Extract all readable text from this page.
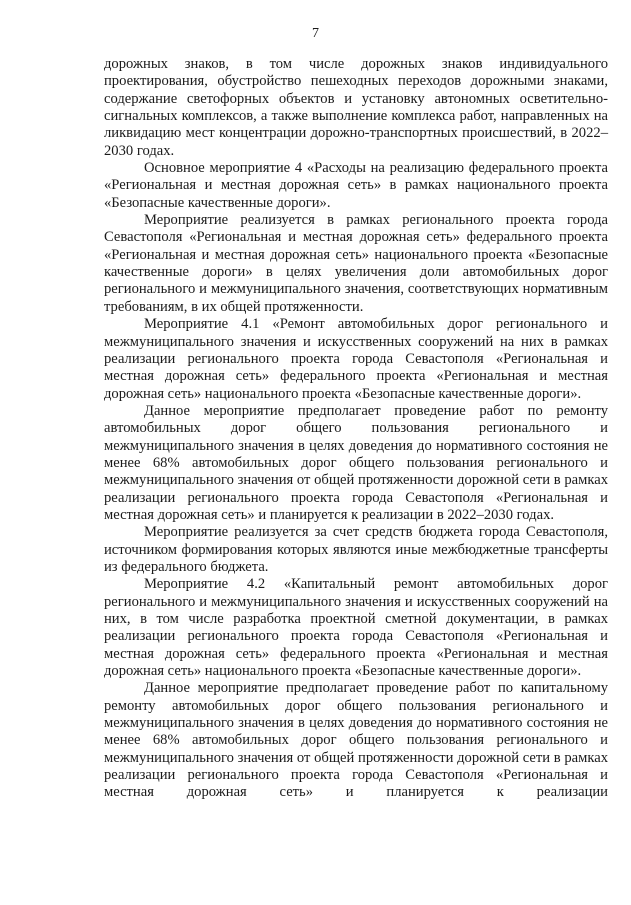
7

дорожных знаков, в том числе дорожных знаков индивидуального проектирования, обустройство пешеходных переходов дорожными знаками, содержание светофорных объектов и установку автономных осветительно-сигнальных комплексов, а также выполнение комплекса работ, направленных на ликвидацию мест концентрации дорожно-транспортных происшествий, в 2022–2030 годах.

Основное мероприятие 4 «Расходы на реализацию федерального проекта «Региональная и местная дорожная сеть» в рамках национального проекта «Безопасные качественные дороги».

Мероприятие реализуется в рамках регионального проекта города Севастополя «Региональная и местная дорожная сеть» федерального проекта «Региональная и местная дорожная сеть» национального проекта «Безопасные качественные дороги» в целях увеличения доли автомобильных дорог регионального и межмуниципального значения, соответствующих нормативным требованиям, в их общей протяженности.

Мероприятие 4.1 «Ремонт автомобильных дорог регионального и межмуниципального значения и искусственных сооружений на них в рамках реализации регионального проекта города Севастополя «Региональная и местная дорожная сеть» федерального проекта «Региональная и местная дорожная сеть» национального проекта «Безопасные качественные дороги».

Данное мероприятие предполагает проведение работ по ремонту автомобильных дорог общего пользования регионального и межмуниципального значения в целях доведения до нормативного состояния не менее 68% автомобильных дорог общего пользования регионального и межмуниципального значения от общей протяженности дорожной сети в рамках реализации регионального проекта города Севастополя «Региональная и местная дорожная сеть» и планируется к реализации в 2022–2030 годах.

Мероприятие реализуется за счет средств бюджета города Севастополя, источником формирования которых являются иные межбюджетные трансферты из федерального бюджета.

Мероприятие 4.2 «Капитальный ремонт автомобильных дорог регионального и межмуниципального значения и искусственных сооружений на них, в том числе разработка проектной сметной документации, в рамках реализации регионального проекта города Севастополя «Региональная и местная дорожная сеть» федерального проекта «Региональная и местная дорожная сеть» национального проекта «Безопасные качественные дороги».

Данное мероприятие предполагает проведение работ по капитальному ремонту автомобильных дорог общего пользования регионального и межмуниципального значения в целях доведения до нормативного состояния не менее 68% автомобильных дорог общего пользования регионального и межмуниципального значения от общей протяженности дорожной сети в рамках реализации регионального проекта города Севастополя «Региональная и местная дорожная сеть» и планируется к реализации
